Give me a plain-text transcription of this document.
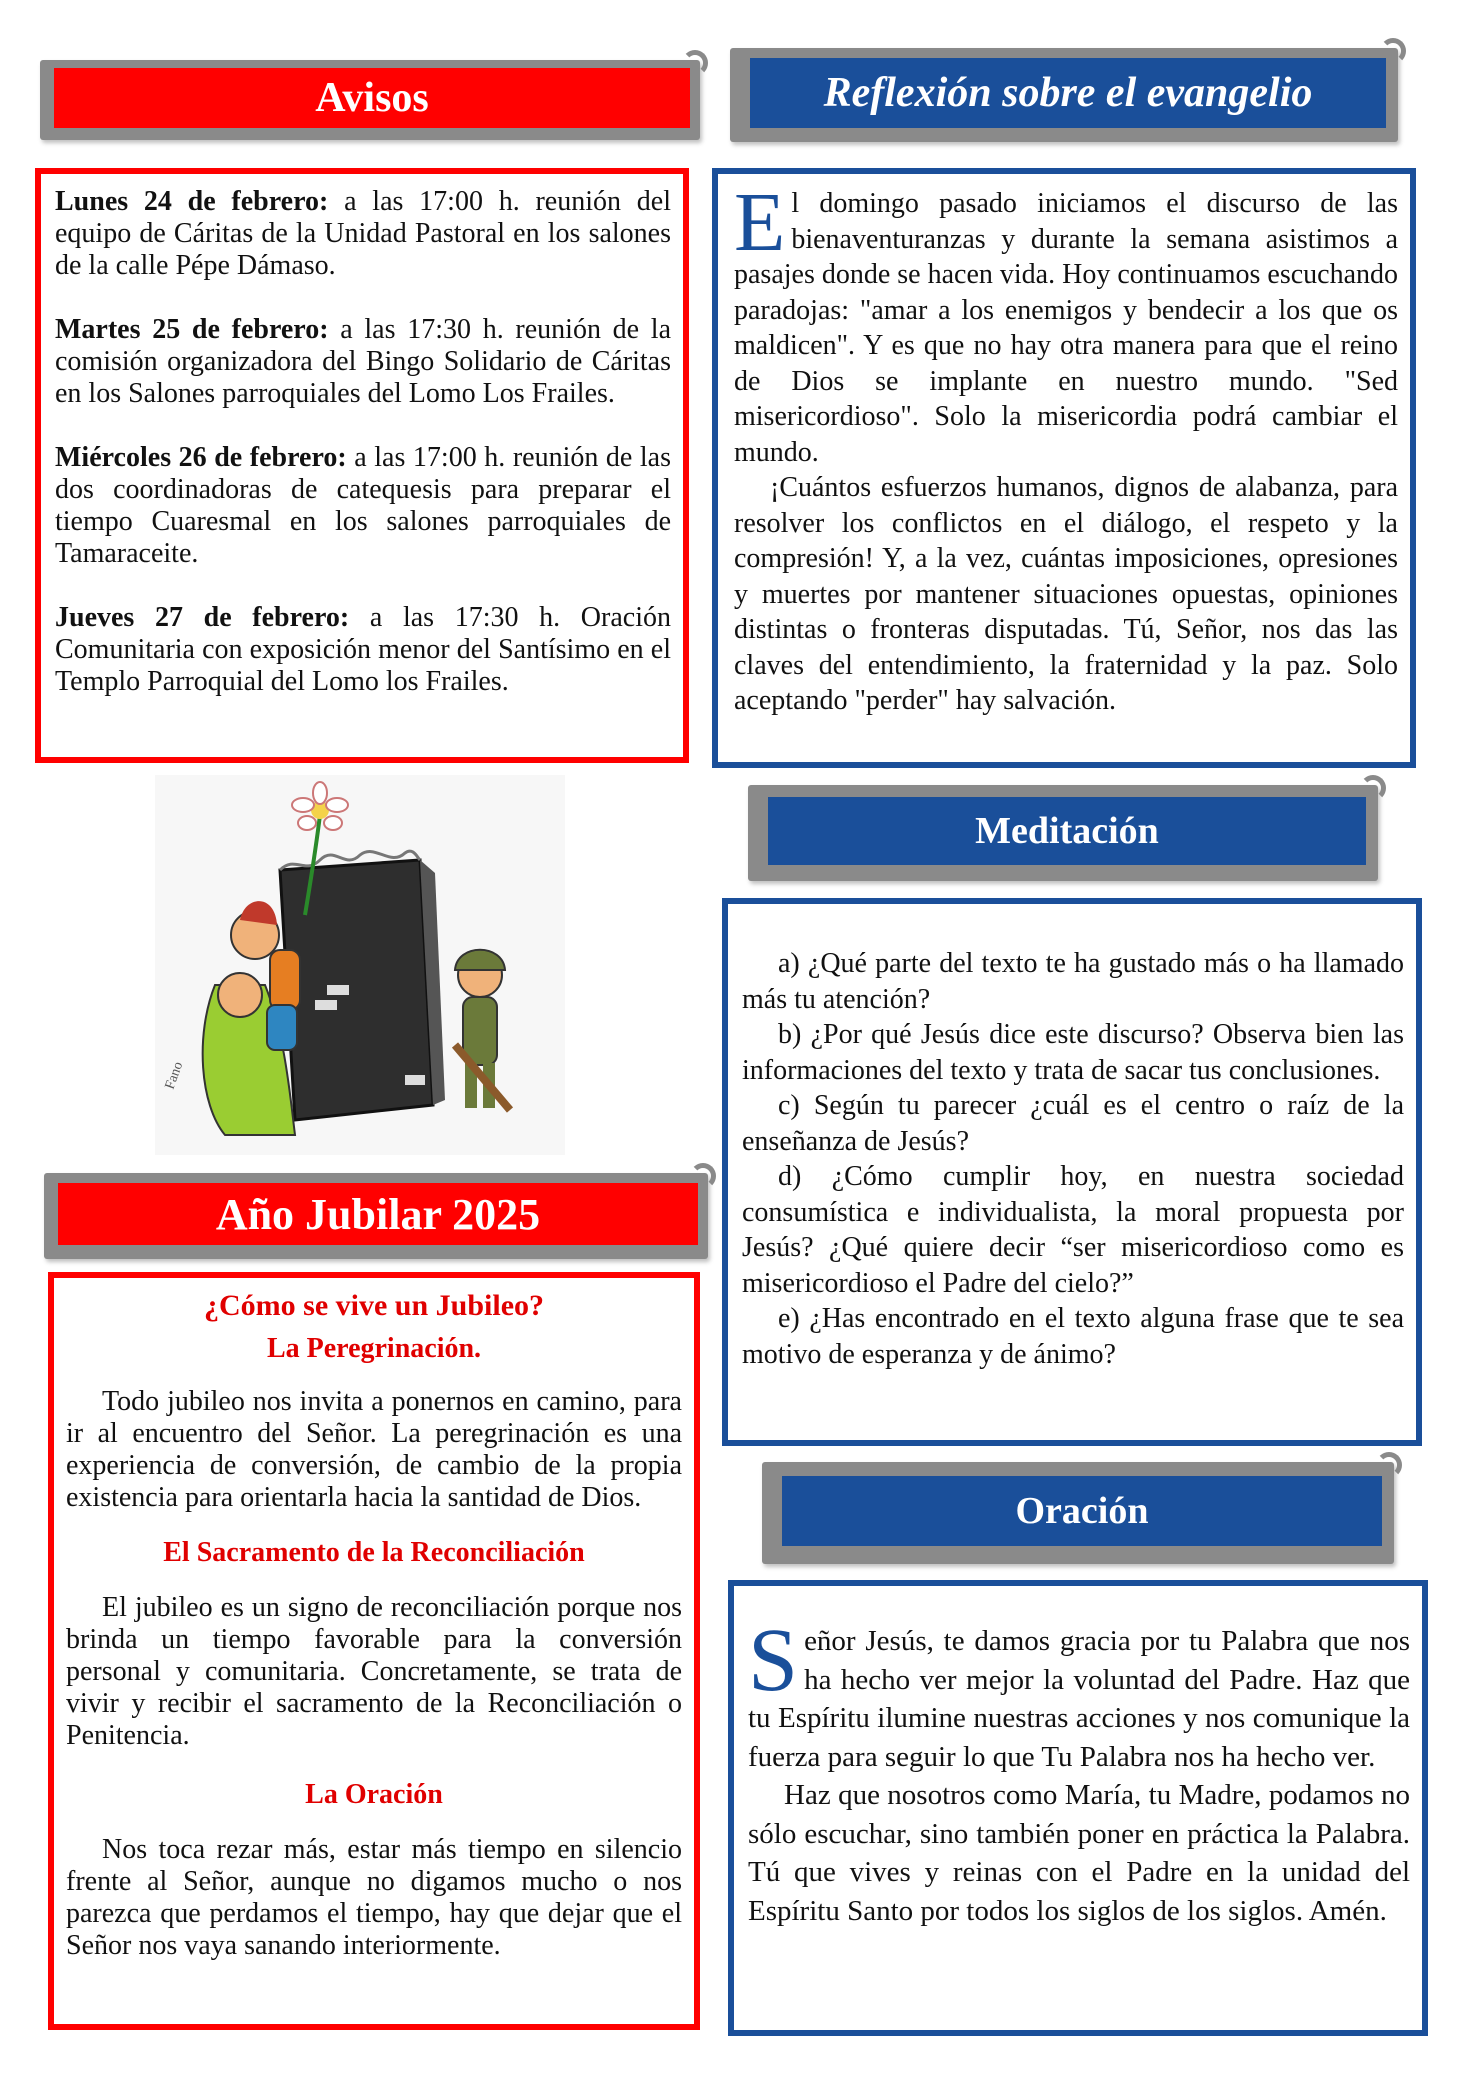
Avisos

Lunes 24 de febrero: a las 17:00 h. reunión del equipo de Cáritas de la Unidad Pastoral en los salones de la calle Pépe Dámaso.

Martes 25 de febrero: a las 17:30 h. reunión de la comisión organizadora del Bingo Solidario de Cáritas en los Salones parroquiales del Lomo Los Frailes.

Miércoles 26 de febrero: a las 17:00 h. reunión de las dos coordinadoras de catequesis para preparar el tiempo Cuaresmal en los salones parroquiales de Tamaraceite.

Jueves 27 de febrero: a las 17:30 h. Oración Comunitaria con exposición menor del Santísimo en el Templo Parroquial del Lomo los Frailes.

Fano
Año Jubilar 2025

¿Cómo se vive un Jubileo?

La Peregrinación.

Todo jubileo nos invita a ponernos en camino, para ir al encuentro del Señor. La peregrinación es una experiencia de conversión, de cambio de la propia existencia para orientarla hacia la santidad de Dios.

El Sacramento de la Reconciliación

El jubileo es un signo de reconciliación porque nos brinda un tiempo favorable para la conversión personal y comunitaria. Concretamente, se trata de vivir y recibir el sacramento de la Reconciliación o Penitencia.

La Oración

Nos toca rezar más, estar más tiempo en silencio frente al Señor, aunque no digamos mucho o nos parezca que perdamos el tiempo, hay que dejar que el Señor nos vaya sanando interiormente.

Reflexión sobre el evangelio

El domingo pasado iniciamos el discurso de las bienaventuranzas y durante la semana asistimos a pasajes donde se hacen vida. Hoy continuamos escuchando paradojas: "amar a los enemigos y bendecir a los que os maldicen". Y es que no hay otra manera para que el reino de Dios se implante en nuestro mundo. "Sed misericordioso". Solo la misericordia podrá cambiar el mundo.

¡Cuántos esfuerzos humanos, dignos de alabanza, para resolver los conflictos en el diálogo, el respeto y la compresión! Y, a la vez, cuántas imposiciones, opresiones y muertes por mantener situaciones opuestas, opiniones distintas o fronteras disputadas. Tú, Señor, nos das las claves del entendimiento, la fraternidad y la paz. Solo aceptando "perder" hay salvación.

Meditación

a) ¿Qué parte del texto te ha gustado más o ha llamado más tu atención?

b) ¿Por qué Jesús dice este discurso? Observa bien las informaciones del texto y trata de sacar tus conclusiones.

c) Según tu parecer ¿cuál es el centro o raíz de la enseñanza de Jesús?

d) ¿Cómo cumplir hoy, en nuestra sociedad consumística e individualista, la moral propuesta por Jesús? ¿Qué quiere decir “ser misericordioso como es misericordioso el Padre del cielo?”

e) ¿Has encontrado en el texto alguna frase que te sea motivo de esperanza y de ánimo?

Oración

Señor Jesús, te damos gracia por tu Palabra que nos ha hecho ver mejor la voluntad del Padre. Haz que tu Espíritu ilumine nuestras acciones y nos comunique la fuerza para seguir lo que Tu Palabra nos ha hecho ver.

Haz que nosotros como María, tu Madre, podamos no sólo escuchar, sino también poner en práctica la Palabra. Tú que vives y reinas con el Padre en la unidad del Espíritu Santo por todos los siglos de los siglos. Amén.
